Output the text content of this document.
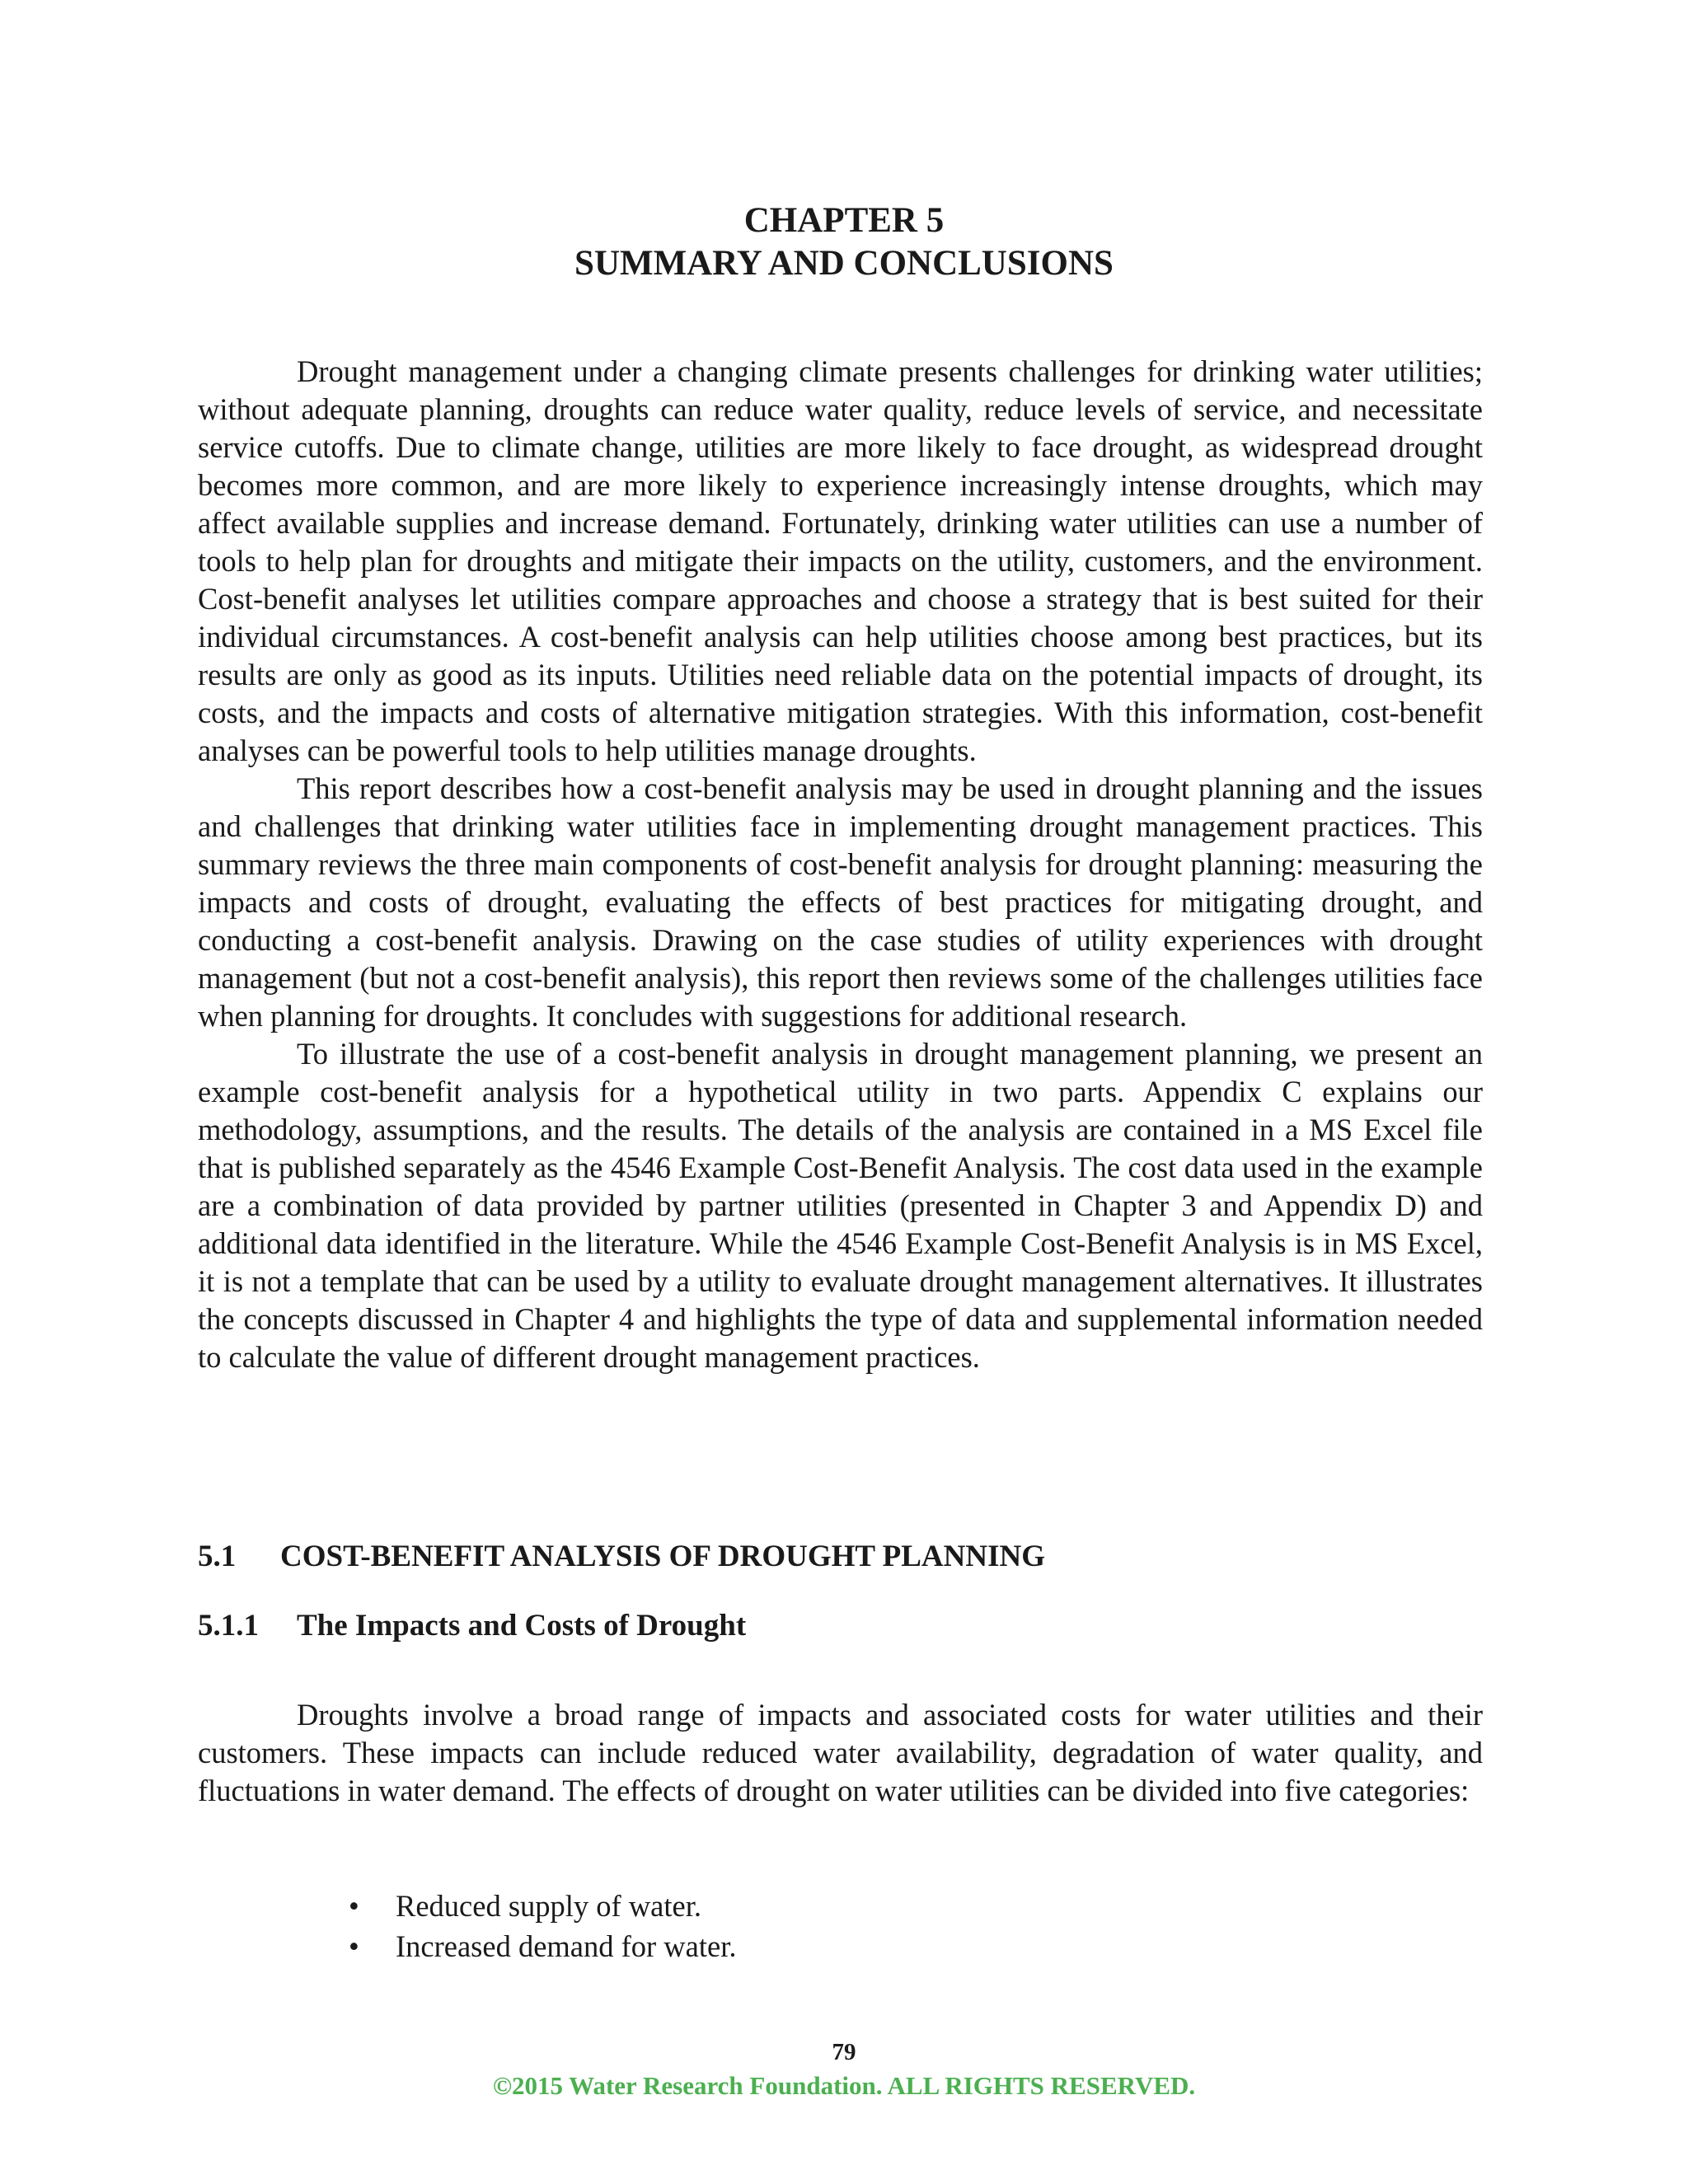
CHAPTER 5
SUMMARY AND CONCLUSIONS

Drought management under a changing climate presents challenges for drinking water utilities; without adequate planning, droughts can reduce water quality, reduce levels of service, and necessitate service cutoffs. Due to climate change, utilities are more likely to face drought, as widespread drought becomes more common, and are more likely to experience increasingly intense droughts, which may affect available supplies and increase demand. Fortunately, drinking water utilities can use a number of tools to help plan for droughts and mitigate their impacts on the utility, customers, and the environment. Cost-benefit analyses let utilities compare approaches and choose a strategy that is best suited for their individual circumstances. A cost-benefit analysis can help utilities choose among best practices, but its results are only as good as its inputs. Utilities need reliable data on the potential impacts of drought, its costs, and the impacts and costs of alternative mitigation strategies. With this information, cost-benefit analyses can be powerful tools to help utilities manage droughts.

This report describes how a cost-benefit analysis may be used in drought planning and the issues and challenges that drinking water utilities face in implementing drought management practices. This summary reviews the three main components of cost-benefit analysis for drought planning: measuring the impacts and costs of drought, evaluating the effects of best practices for mitigating drought, and conducting a cost-benefit analysis. Drawing on the case studies of utility experiences with drought management (but not a cost-benefit analysis), this report then reviews some of the challenges utilities face when planning for droughts. It concludes with suggestions for additional research.

To illustrate the use of a cost-benefit analysis in drought management planning, we present an example cost-benefit analysis for a hypothetical utility in two parts. Appendix C explains our methodology, assumptions, and the results. The details of the analysis are contained in a MS Excel file that is published separately as the 4546 Example Cost-Benefit Analysis. The cost data used in the example are a combination of data provided by partner utilities (presented in Chapter 3 and Appendix D) and additional data identified in the literature. While the 4546 Example Cost-Benefit Analysis is in MS Excel, it is not a template that can be used by a utility to evaluate drought management alternatives. It illustrates the concepts discussed in Chapter 4 and highlights the type of data and supplemental information needed to calculate the value of different drought management practices.

5.1 COST-BENEFIT ANALYSIS OF DROUGHT PLANNING
5.1.1 The Impacts and Costs of Drought

Droughts involve a broad range of impacts and associated costs for water utilities and their customers. These impacts can include reduced water availability, degradation of water quality, and fluctuations in water demand. The effects of drought on water utilities can be divided into five categories:

• Reduced supply of water.
• Increased demand for water.
79
©2015 Water Research Foundation. ALL RIGHTS RESERVED.
